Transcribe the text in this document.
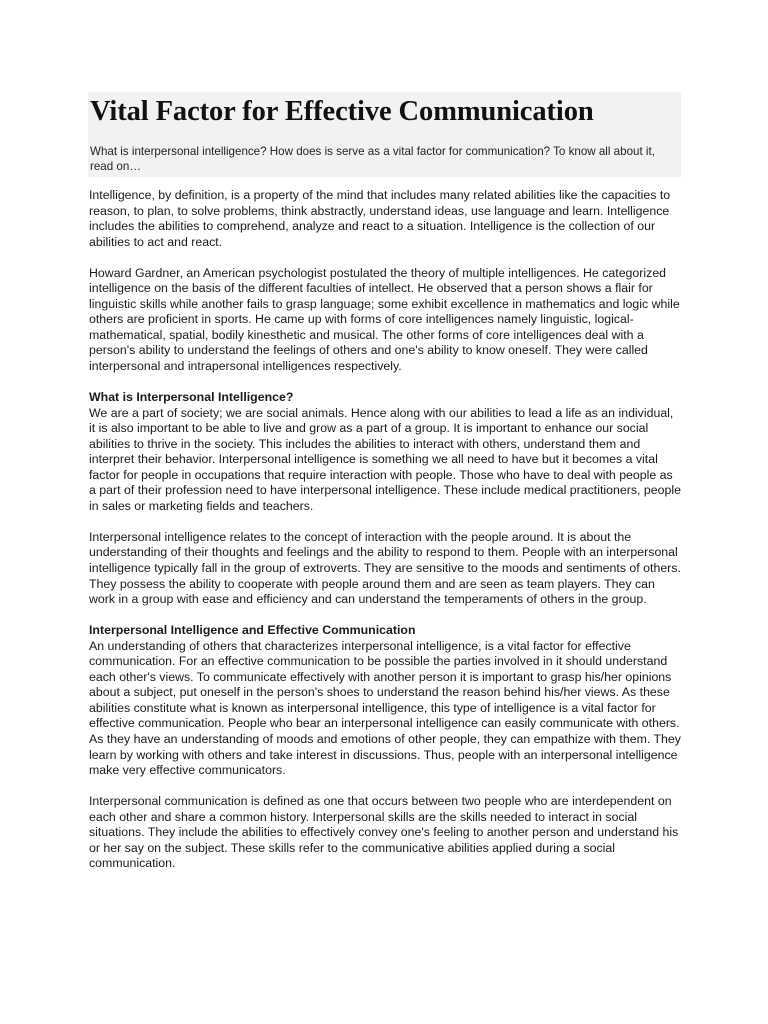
Vital Factor for Effective Communication

What is interpersonal intelligence? How does is serve as a vital factor for communication? To know all about it, read on…

Intelligence, by definition, is a property of the mind that includes many related abilities like the capacities to reason, to plan, to solve problems, think abstractly, understand ideas, use language and learn. Intelligence includes the abilities to comprehend, analyze and react to a situation. Intelligence is the collection of our abilities to act and react.

Howard Gardner, an American psychologist postulated the theory of multiple intelligences. He categorized intelligence on the basis of the different faculties of intellect. He observed that a person shows a flair for linguistic skills while another fails to grasp language; some exhibit excellence in mathematics and logic while others are proficient in sports. He came up with forms of core intelligences namely linguistic, logical-mathematical, spatial, bodily kinesthetic and musical. The other forms of core intelligences deal with a person's ability to understand the feelings of others and one's ability to know oneself. They were called interpersonal and intrapersonal intelligences respectively.

What is Interpersonal Intelligence?

We are a part of society; we are social animals. Hence along with our abilities to lead a life as an individual, it is also important to be able to live and grow as a part of a group. It is important to enhance our social abilities to thrive in the society. This includes the abilities to interact with others, understand them and interpret their behavior. Interpersonal intelligence is something we all need to have but it becomes a vital factor for people in occupations that require interaction with people. Those who have to deal with people as a part of their profession need to have interpersonal intelligence. These include medical practitioners, people in sales or marketing fields and teachers.

Interpersonal intelligence relates to the concept of interaction with the people around. It is about the understanding of their thoughts and feelings and the ability to respond to them. People with an interpersonal intelligence typically fall in the group of extroverts. They are sensitive to the moods and sentiments of others. They possess the ability to cooperate with people around them and are seen as team players. They can work in a group with ease and efficiency and can understand the temperaments of others in the group.

Interpersonal Intelligence and Effective Communication

An understanding of others that characterizes interpersonal intelligence, is a vital factor for effective communication. For an effective communication to be possible the parties involved in it should understand each other's views. To communicate effectively with another person it is important to grasp his/her opinions about a subject, put oneself in the person's shoes to understand the reason behind his/her views. As these abilities constitute what is known as interpersonal intelligence, this type of intelligence is a vital factor for effective communication. People who bear an interpersonal intelligence can easily communicate with others. As they have an understanding of moods and emotions of other people, they can empathize with them. They learn by working with others and take interest in discussions. Thus, people with an interpersonal intelligence make very effective communicators.

Interpersonal communication is defined as one that occurs between two people who are interdependent on each other and share a common history. Interpersonal skills are the skills needed to interact in social situations. They include the abilities to effectively convey one's feeling to another person and understand his or her say on the subject. These skills refer to the communicative abilities applied during a social communication.
